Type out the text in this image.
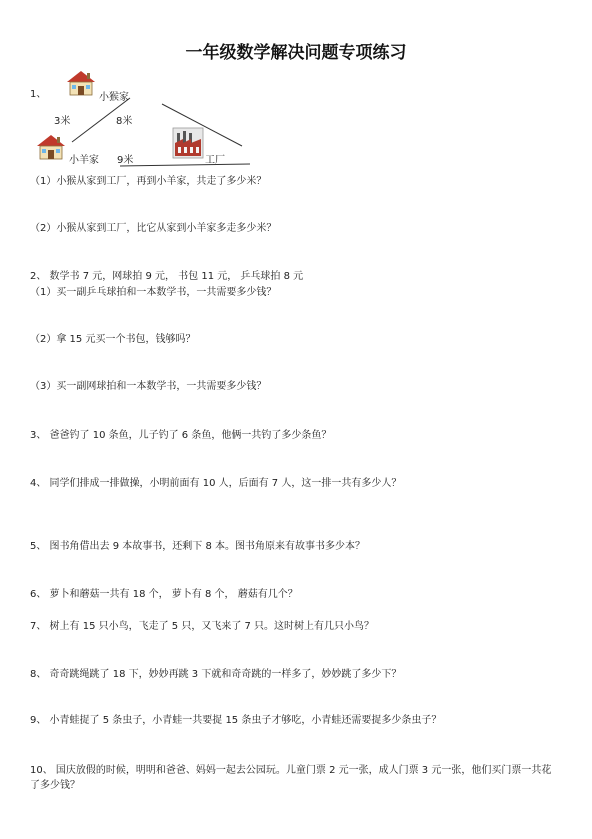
一年级数学解决问题专项练习
1、	小猴家
小羊家	工厂
3米	8米
9米
（1）小猴从家到工厂，再到小羊家，共走了多少米？
（2）小猴从家到工厂，比它从家到小羊家多走多少米？
2、 数学书 7 元，网球拍 9 元， 书包 11 元， 乒乓球拍 8 元
（1）买一副乒乓球拍和一本数学书，一共需要多少钱？
（2）拿 15 元买一个书包，钱够吗？
（3）买一副网球拍和一本数学书，一共需要多少钱？
3、 爸爸钓了 10 条鱼，儿子钓了 6 条鱼，他俩一共钓了多少条鱼？
4、 同学们排成一排做操，小明前面有 10 人，后面有 7 人，这一排一共有多少人？
5、 图书角借出去 9 本故事书，还剩下 8 本。图书角原来有故事书多少本？
6、 萝卜和蘑菇一共有 18 个， 萝卜有 8 个， 蘑菇有几个？
7、 树上有 15 只小鸟，飞走了 5 只，又飞来了 7 只。这时树上有几只小鸟？
8、 奇奇跳绳跳了 18 下，妙妙再跳 3 下就和奇奇跳的一样多了，妙妙跳了多少下？
9、 小青蛙捉了 5 条虫子，小青蛙一共要捉 15 条虫子才够吃，小青蛙还需要捉多少条虫子？
10、 国庆放假的时候，明明和爸爸、妈妈一起去公园玩。儿童门票 2 元一张，成人门票 3 元一张，他们买门票一共花
了多少钱？
